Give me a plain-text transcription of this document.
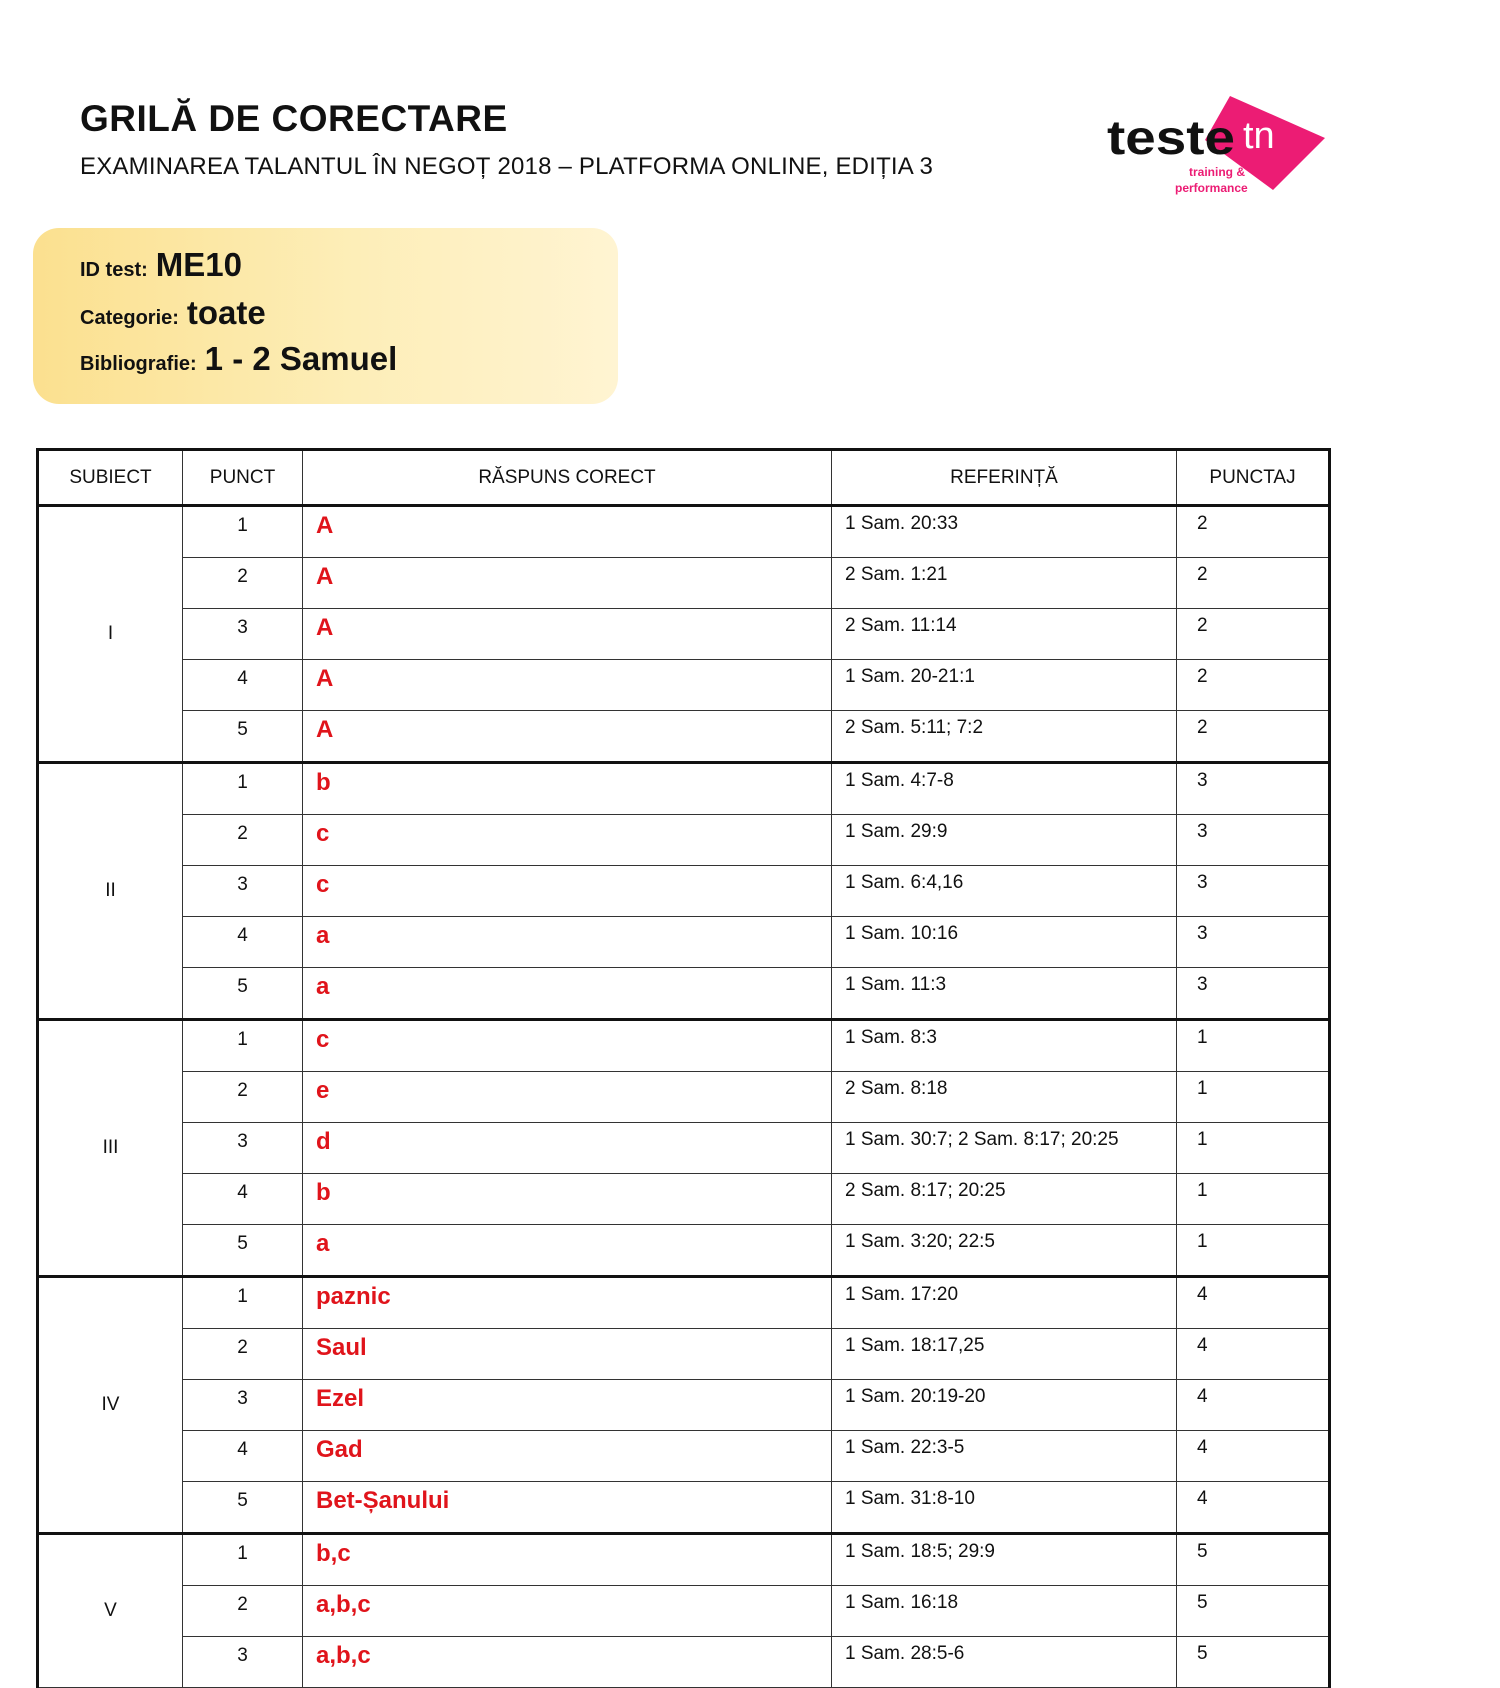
GRILĂ DE CORECTARE
EXAMINAREA TALANTUL ÎN NEGOȚ 2018 – PLATFORMA ONLINE, EDIȚIA 3
teste tn
training &
performance
ID test: ME10
Categorie: toate
Bibliografie: 1 - 2 Samuel
SUBIECT	PUNCT	RĂSPUNS CORECT	REFERINȚĂ	PUNCTAJ
I	1	A	1 Sam. 20:33	2
	2	A	2 Sam. 1:21	2
	3	A	2 Sam. 11:14	2
	4	A	1 Sam. 20-21:1	2
	5	A	2 Sam. 5:11; 7:2	2
II	1	b	1 Sam. 4:7-8	3
	2	c	1 Sam. 29:9	3
	3	c	1 Sam. 6:4,16	3
	4	a	1 Sam. 10:16	3
	5	a	1 Sam. 11:3	3
III	1	c	1 Sam. 8:3	1
	2	e	2 Sam. 8:18	1
	3	d	1 Sam. 30:7; 2 Sam. 8:17; 20:25	1
	4	b	2 Sam. 8:17; 20:25	1
	5	a	1 Sam. 3:20; 22:5	1
IV	1	paznic	1 Sam. 17:20	4
	2	Saul	1 Sam. 18:17,25	4
	3	Ezel	1 Sam. 20:19-20	4
	4	Gad	1 Sam. 22:3-5	4
	5	Bet-Șanului	1 Sam. 31:8-10	4
V	1	b,c	1 Sam. 18:5; 29:9	5
	2	a,b,c	1 Sam. 16:18	5
	3	a,b,c	1 Sam. 28:5-6	5
